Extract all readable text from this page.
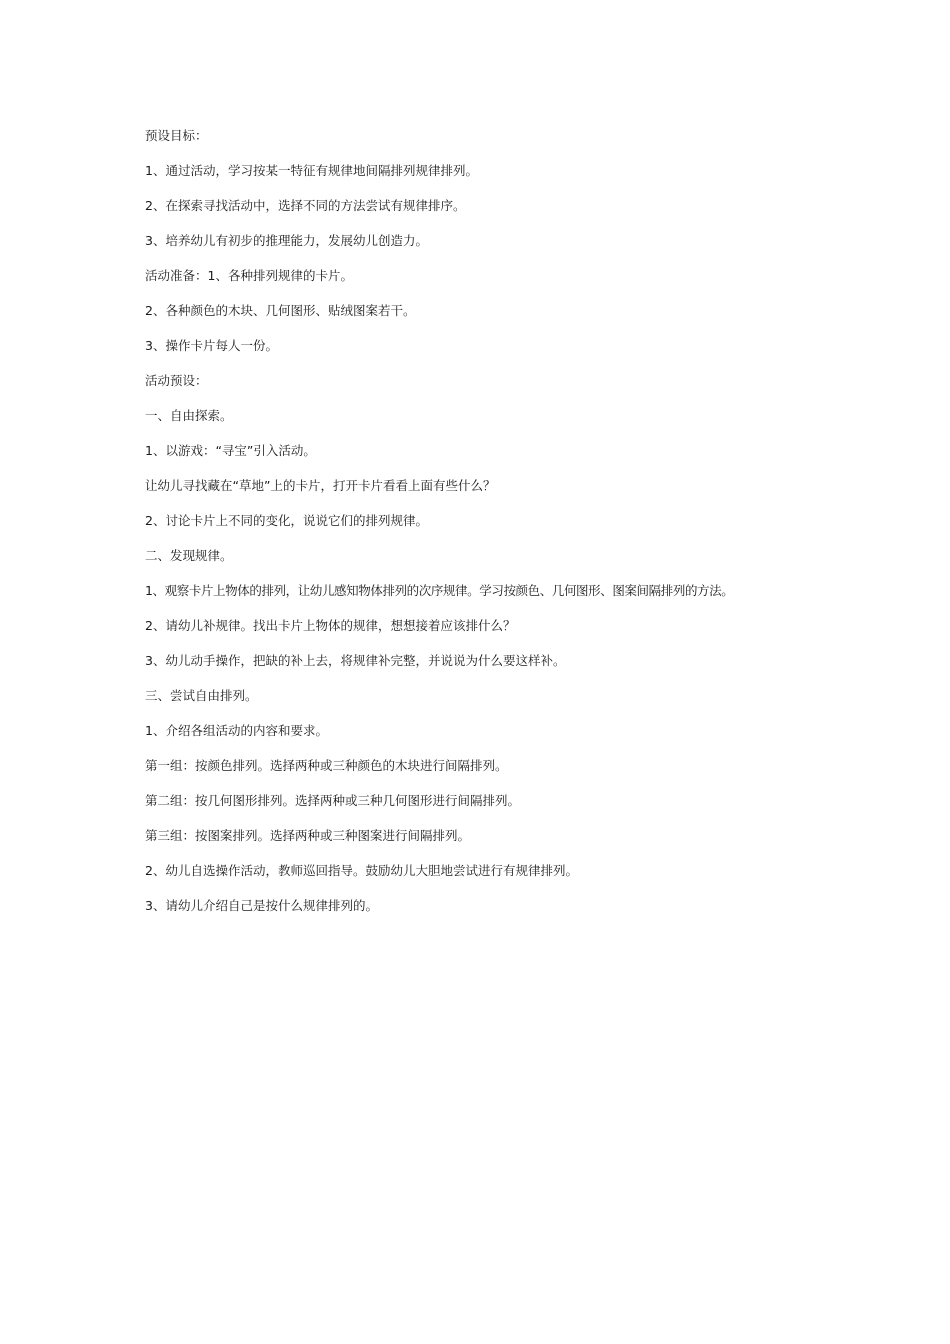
预设目标：
1、通过活动，学习按某一特征有规律地间隔排列规律排列。
2、在探索寻找活动中，选择不同的方法尝试有规律排序。
3、培养幼儿有初步的推理能力，发展幼儿创造力。
活动准备：1、各种排列规律的卡片。
2、各种颜色的木块、几何图形、贴绒图案若干。
3、操作卡片每人一份。
活动预设：
一、自由探索。
1、以游戏：“寻宝”引入活动。
让幼儿寻找藏在“草地”上的卡片，打开卡片看看上面有些什么？
2、讨论卡片上不同的变化，说说它们的排列规律。
二、发现规律。
1、观察卡片上物体的排列，让幼儿感知物体排列的次序规律。学习按颜色、几何图形、图案间隔排列的方法。
2、请幼儿补规律。找出卡片上物体的规律，想想接着应该排什么？
3、幼儿动手操作，把缺的补上去，将规律补完整，并说说为什么要这样补。
三、尝试自由排列。
1、介绍各组活动的内容和要求。
第一组：按颜色排列。选择两种或三种颜色的木块进行间隔排列。
第二组：按几何图形排列。选择两种或三种几何图形进行间隔排列。
第三组：按图案排列。选择两种或三种图案进行间隔排列。
2、幼儿自选操作活动，教师巡回指导。鼓励幼儿大胆地尝试进行有规律排列。
3、请幼儿介绍自己是按什么规律排列的。
